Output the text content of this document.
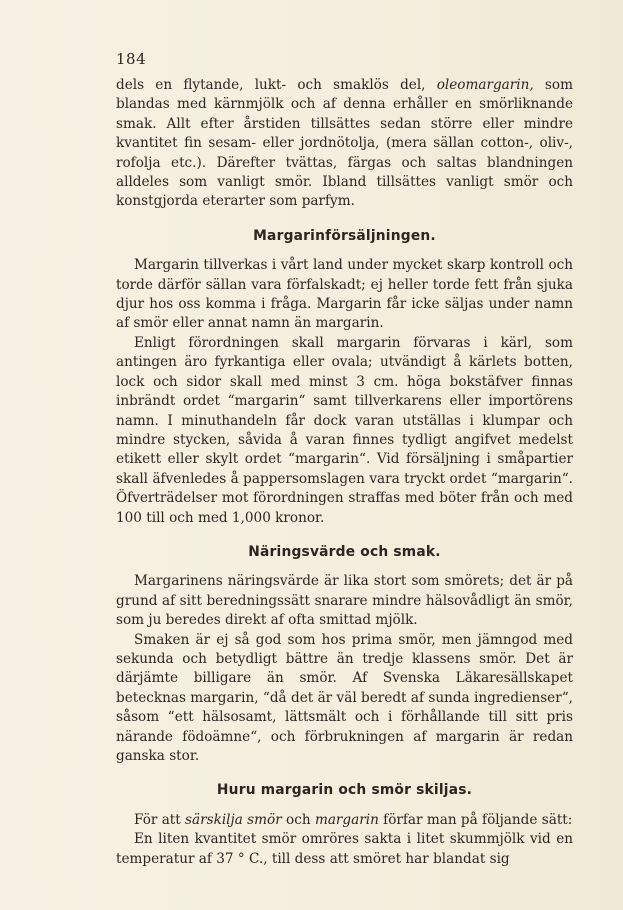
184

dels en flytande, lukt- och smaklös del, oleomargarin, som blandas med kärnmjölk och af denna erhåller en smörliknande smak. Allt efter årstiden tillsättes sedan större eller mindre kvantitet fin sesam- eller jordnötolja, (mera sällan cotton-, oliv-, rofolja etc.). Därefter tvättas, färgas och saltas blandningen alldeles som vanligt smör. Ibland tillsättes vanligt smör och konstgjorda eterarter som parfym.

Margarinförsäljningen.

Margarin tillverkas i vårt land under mycket skarp kontroll och torde därför sällan vara förfalskadt; ej heller torde fett från sjuka djur hos oss komma i fråga. Margarin får icke säljas under namn af smör eller annat namn än margarin.

Enligt förordningen skall margarin förvaras i kärl, som antingen äro fyrkantiga eller ovala; utvändigt å kärlets botten, lock och sidor skall med minst 3 cm. höga bokstäfver finnas inbrändt ordet “margarin“ samt tillverkarens eller importörens namn. I minuthandeln får dock varan utställas i klumpar och mindre stycken, såvida å varan finnes tydligt angifvet medelst etikett eller skylt ordet “margarin“. Vid försäljning i småpartier skall äfvenledes å pappersomslagen vara tryckt ordet “margarin“. Öfverträdelser mot förordningen straffas med böter från och med 100 till och med 1,000 kronor.

Näringsvärde och smak.

Margarinens näringsvärde är lika stort som smörets; det är på grund af sitt beredningssätt snarare mindre hälsovådligt än smör, som ju beredes direkt af ofta smittad mjölk.

Smaken är ej så god som hos prima smör, men jämngod med sekunda och betydligt bättre än tredje klassens smör. Det är därjämte billigare än smör. Af Svenska Läkaresällskapet betecknas margarin, “då det är väl beredt af sunda ingredienser“, såsom “ett hälsosamt, lättsmält och i förhållande till sitt pris närande födoämne“, och förbrukningen af margarin är redan ganska stor.

Huru margarin och smör skiljas.

För att särskilja smör och margarin förfar man på följande sätt:

En liten kvantitet smör omröres sakta i litet skummjölk vid en temperatur af 37 ° C., till dess att smöret har blandat sig
